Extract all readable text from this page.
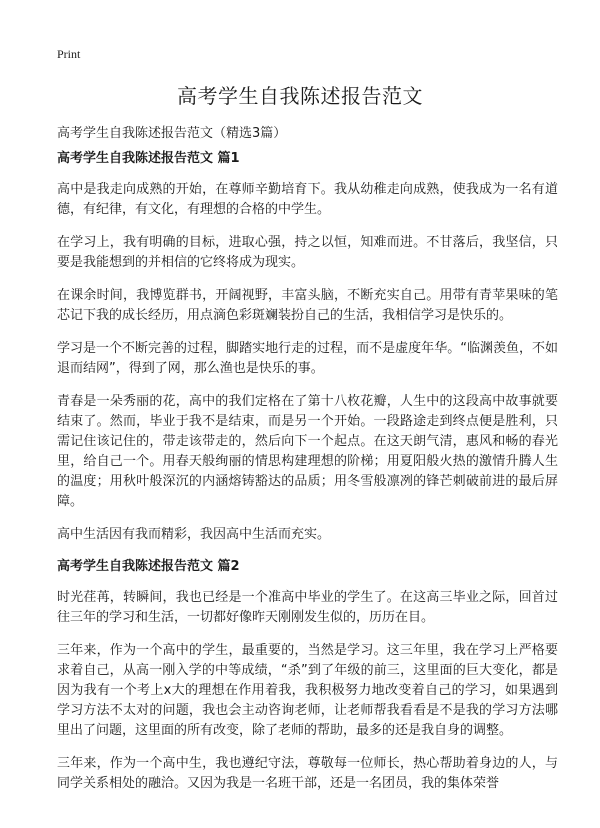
Print
高考学生自我陈述报告范文

高考学生自我陈述报告范文（精选3篇）

高考学生自我陈述报告范文 篇1

高中是我走向成熟的开始，在尊师辛勤培育下。我从幼稚走向成熟，使我成为一名有道德，有纪律，有文化，有理想的合格的中学生。

在学习上，我有明确的目标，进取心强，持之以恒，知难而进。不甘落后，我坚信，只要是我能想到的并相信的它终将成为现实。

在课余时间，我博览群书，开阔视野，丰富头脑，不断充实自己。用带有青苹果味的笔芯记下我的成长经历，用点滴色彩斑斓装扮自己的生活，我相信学习是快乐的。

学习是一个不断完善的过程，脚踏实地行走的过程，而不是虚度年华。“临渊羡鱼，不如退而结网”，得到了网，那么渔也是快乐的事。

青春是一朵秀丽的花，高中的我们定格在了第十八枚花瓣，人生中的这段高中故事就要结束了。然而，毕业于我不是结束，而是另一个开始。一段路途走到终点便是胜利，只需记住该记住的，带走该带走的，然后向下一个起点。在这天朗气清，惠风和畅的春光里，给自己一个。用春天般绚丽的情思构建理想的阶梯；用夏阳般火热的激情升腾人生的温度；用秋叶般深沉的内涵熔铸豁达的品质；用冬雪般凛冽的锋芒刺破前进的最后屏障。

高中生活因有我而精彩，我因高中生活而充实。

高考学生自我陈述报告范文 篇2

时光荏苒，转瞬间，我也已经是一个准高中毕业的学生了。在这高三毕业之际，回首过往三年的学习和生活，一切都好像昨天刚刚发生似的，历历在目。

三年来，作为一个高中的学生，最重要的，当然是学习。这三年里，我在学习上严格要求着自己，从高一刚入学的中等成绩，“杀”到了年级的前三，这里面的巨大变化，都是因为我有一个考上x大的理想在作用着我，我积极努力地改变着自己的学习，如果遇到学习方法不太对的问题，我也会主动咨询老师，让老师帮我看看是不是我的学习方法哪里出了问题，这里面的所有改变，除了老师的帮助，最多的还是我自身的调整。

三年来，作为一个高中生，我也遵纪守法，尊敬每一位师长，热心帮助着身边的人，与同学关系相处的融洽。又因为我是一名班干部，还是一名团员，我的集体荣誉
